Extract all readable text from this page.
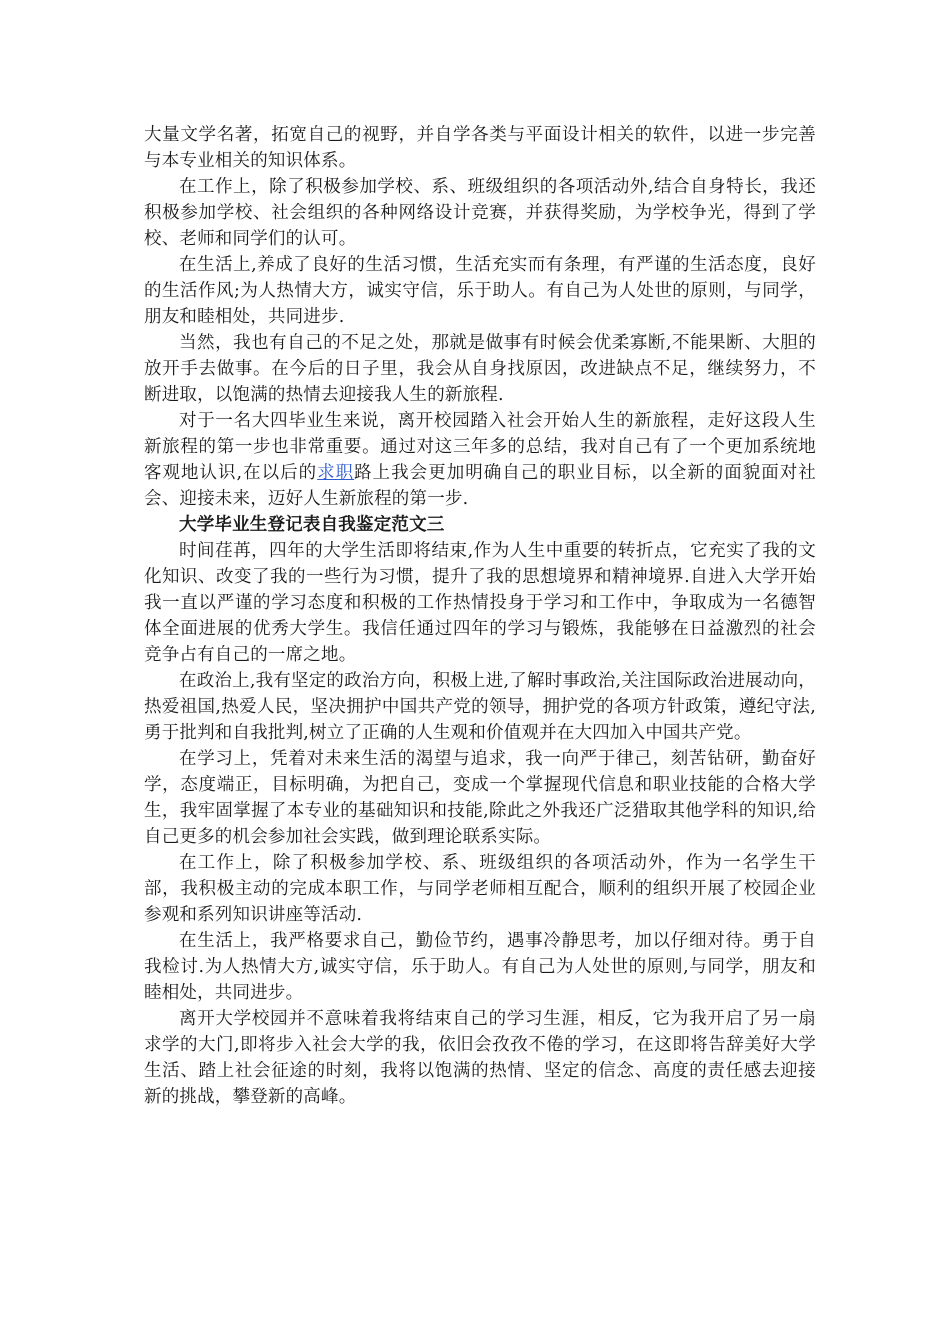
大量文学名著，拓宽自己的视野，并自学各类与平面设计相关的软件，以进一步完善与本专业相关的知识体系。

在工作上，除了积极参加学校、系、班级组织的各项活动外,结合自身特长，我还积极参加学校、社会组织的各种网络设计竞赛，并获得奖励，为学校争光，得到了学校、老师和同学们的认可。

在生活上,养成了良好的生活习惯，生活充实而有条理，有严谨的生活态度，良好的生活作风;为人热情大方，诚实守信，乐于助人。有自己为人处世的原则，与同学，朋友和睦相处，共同进步.

当然，我也有自己的不足之处，那就是做事有时候会优柔寡断,不能果断、大胆的放开手去做事。在今后的日子里，我会从自身找原因，改进缺点不足，继续努力，不断进取，以饱满的热情去迎接我人生的新旅程.

对于一名大四毕业生来说，离开校园踏入社会开始人生的新旅程，走好这段人生新旅程的第一步也非常重要。通过对这三年多的总结，我对自己有了一个更加系统地客观地认识,在以后的求职路上我会更加明确自己的职业目标，以全新的面貌面对社会、迎接未来，迈好人生新旅程的第一步.

大学毕业生登记表自我鉴定范文三

时间荏苒，四年的大学生活即将结束,作为人生中重要的转折点，它充实了我的文化知识、改变了我的一些行为习惯，提升了我的思想境界和精神境界.自进入大学开始我一直以严谨的学习态度和积极的工作热情投身于学习和工作中，争取成为一名德智体全面进展的优秀大学生。我信任通过四年的学习与锻炼，我能够在日益激烈的社会竞争占有自己的一席之地。

在政治上,我有坚定的政治方向，积极上进,了解时事政治,关注国际政治进展动向，热爱祖国,热爱人民，坚决拥护中国共产党的领导，拥护党的各项方针政策，遵纪守法,勇于批判和自我批判,树立了正确的人生观和价值观并在大四加入中国共产党。

在学习上，凭着对未来生活的渴望与追求，我一向严于律己，刻苦钻研，勤奋好学，态度端正，目标明确，为把自己，变成一个掌握现代信息和职业技能的合格大学生，我牢固掌握了本专业的基础知识和技能,除此之外我还广泛猎取其他学科的知识,给自己更多的机会参加社会实践，做到理论联系实际。

在工作上，除了积极参加学校、系、班级组织的各项活动外，作为一名学生干部，我积极主动的完成本职工作，与同学老师相互配合，顺利的组织开展了校园企业参观和系列知识讲座等活动.

在生活上，我严格要求自己，勤俭节约，遇事冷静思考，加以仔细对待。勇于自我检讨.为人热情大方,诚实守信，乐于助人。有自己为人处世的原则,与同学，朋友和睦相处，共同进步。

离开大学校园并不意味着我将结束自己的学习生涯，相反，它为我开启了另一扇求学的大门,即将步入社会大学的我，依旧会孜孜不倦的学习，在这即将告辞美好大学生活、踏上社会征途的时刻，我将以饱满的热情、坚定的信念、高度的责任感去迎接新的挑战，攀登新的高峰。
